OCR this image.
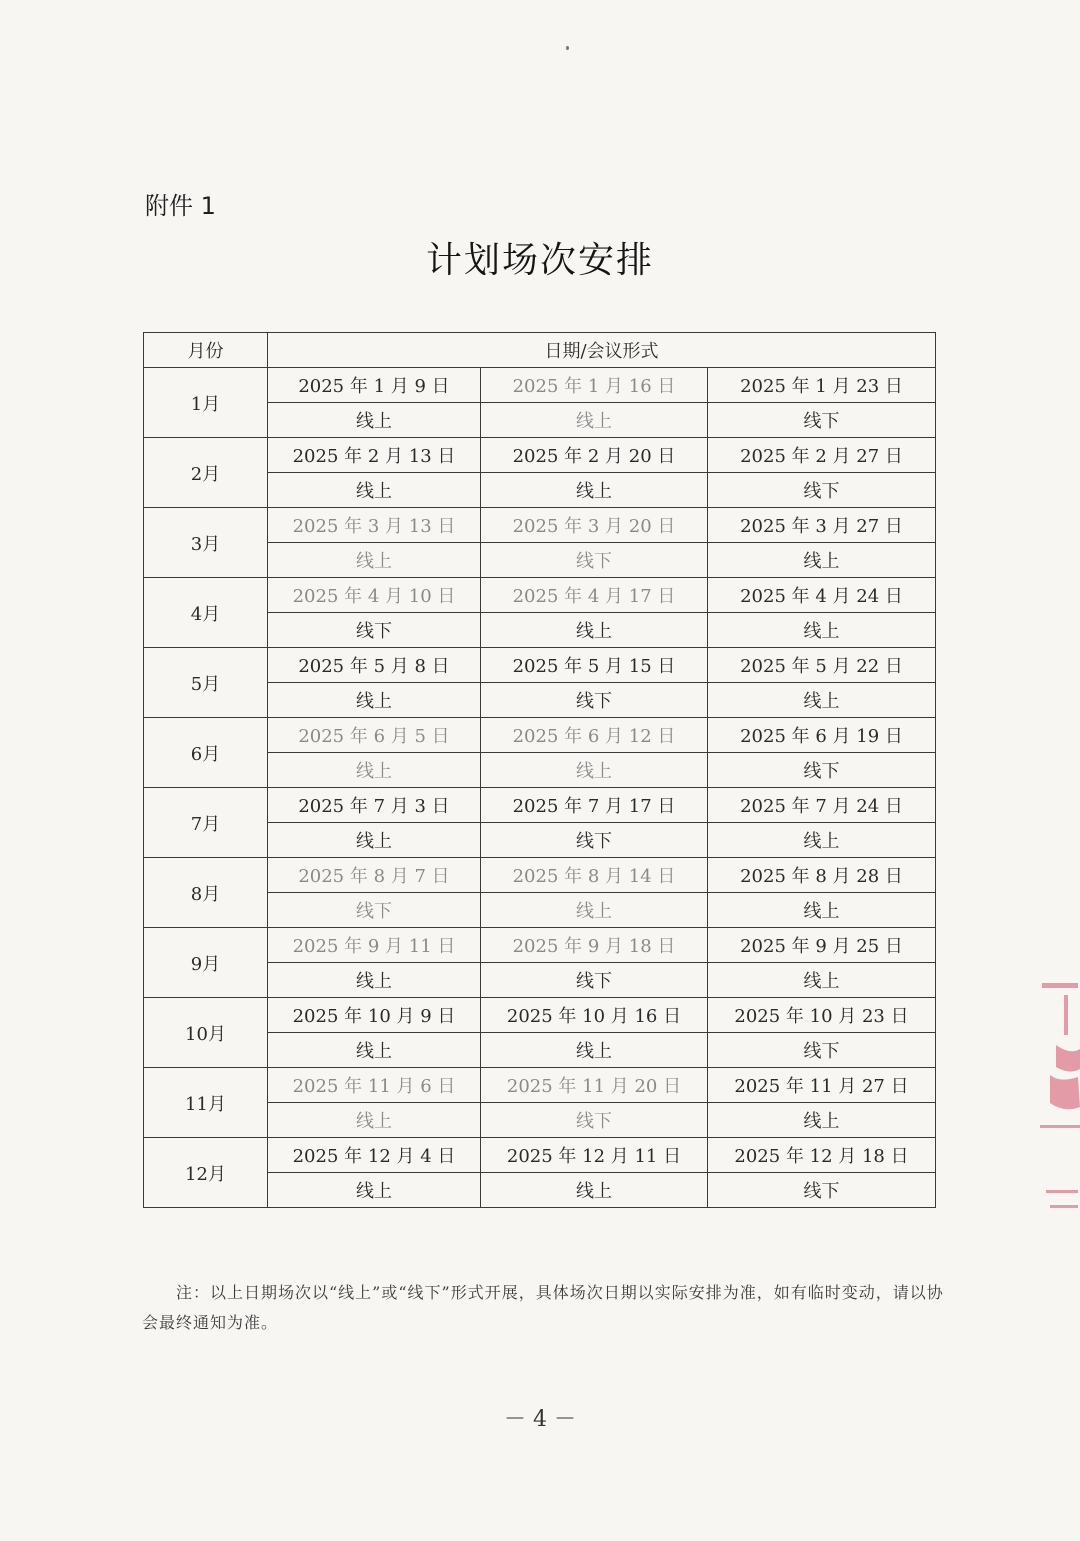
附件 1
计划场次安排
月份	日期/会议形式		
1月	2025 年 1 月 9 日	2025 年 1 月 16 日	2025 年 1 月 23 日
	线上	线上	线下
2月	2025 年 2 月 13 日	2025 年 2 月 20 日	2025 年 2 月 27 日
	线上	线上	线下
3月	2025 年 3 月 13 日	2025 年 3 月 20 日	2025 年 3 月 27 日
	线上	线下	线上
4月	2025 年 4 月 10 日	2025 年 4 月 17 日	2025 年 4 月 24 日
	线下	线上	线上
5月	2025 年 5 月 8 日	2025 年 5 月 15 日	2025 年 5 月 22 日
	线上	线下	线上
6月	2025 年 6 月 5 日	2025 年 6 月 12 日	2025 年 6 月 19 日
	线上	线上	线下
7月	2025 年 7 月 3 日	2025 年 7 月 17 日	2025 年 7 月 24 日
	线上	线下	线上
8月	2025 年 8 月 7 日	2025 年 8 月 14 日	2025 年 8 月 28 日
	线下	线上	线上
9月	2025 年 9 月 11 日	2025 年 9 月 18 日	2025 年 9 月 25 日
	线上	线下	线上
10月	2025 年 10 月 9 日	2025 年 10 月 16 日	2025 年 10 月 23 日
	线上	线上	线下
11月	2025 年 11 月 6 日	2025 年 11 月 20 日	2025 年 11 月 27 日
	线上	线下	线上
12月	2025 年 12 月 4 日	2025 年 12 月 11 日	2025 年 12 月 18 日
	线上	线上	线下

注：以上日期场次以“线上”或“线下”形式开展，具体场次日期以实际安排为准，如有临时变动，请以协会最终通知为准。

－ 4 －
